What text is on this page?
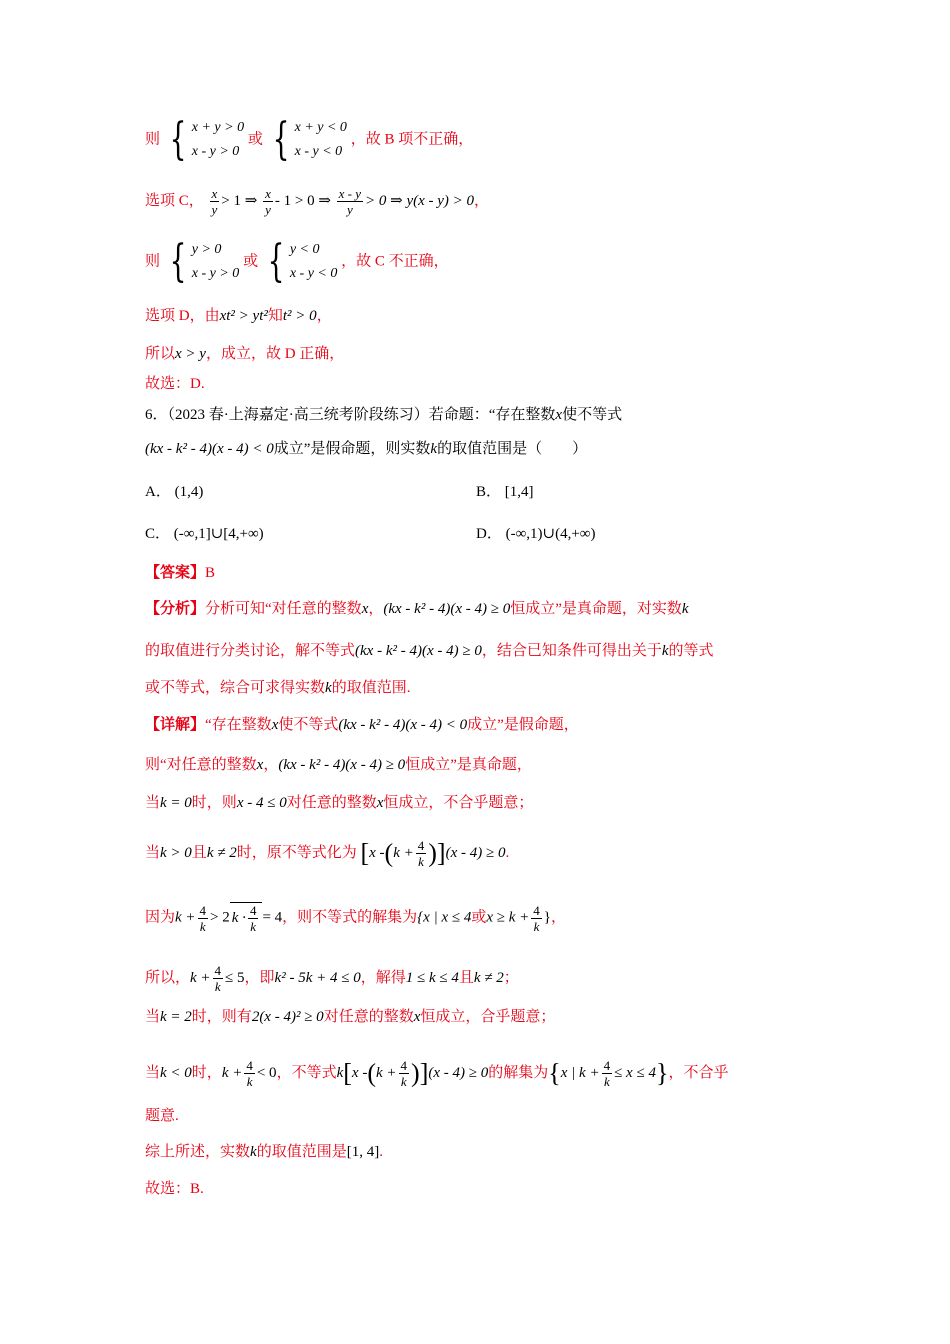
则 { x + y > 0
x - y > 0
或 { x + y < 0
x - y < 0
，故 B 项不正确，
选项 C， $\frac{x}{y} > 1$ ⇒ $\frac{x}{y} - 1 > 0$ ⇒ $\frac{x - y}{y} > 0$ ⇒ y(x - y) > 0，
则 { y > 0
x - y > 0
或 { y < 0
x - y < 0
，故 C 不正确，
选项 D，由xt² > yt²知t² > 0，
所以x > y，成立，故 D 正确，
故选：D.
6．（2023 春·上海嘉定·高三统考阶段练习）若命题：“存在整数x使不等式
(kx - k² - 4)(x - 4) < 0成立”是假命题，则实数k的取值范围是（　　）
A． (1,4)	B． [1,4]
C． (-∞,1]∪[4,+∞)	D． (-∞,1)∪(4,+∞)
【答案】B
【分析】分析可知“对任意的整数x，(kx - k² - 4)(x - 4) ≥ 0恒成立”是真命题，对实数k
的取值进行分类讨论，解不等式(kx - k² - 4)(x - 4) ≥ 0，结合已知条件可得出关于k的等式
或不等式，综合可求得实数k的取值范围.
【详解】“存在整数x使不等式(kx - k² - 4)(x - 4) < 0成立”是假命题，
则“对任意的整数x，(kx - k² - 4)(x - 4) ≥ 0恒成立”是真命题，
当k = 0时，则x - 4 ≤ 0对任意的整数x恒成立，不合乎题意；
当k > 0且k ≠ 2时，原不等式化为 [x $-(k + \frac{4}{k} )](x - 4) \ge 0$.
因为$k + \frac{4}{k} > 2$ $k \cdot \frac{4}{k} = 4$，则不等式的解集为{x | x ≤ 4或$x \ge k + \frac{4}{k}$ }，
所以，$k + \frac{4}{k} \le 5$，即k² - 5k + 4 ≤ 0，解得1 ≤ k ≤ 4且k ≠ 2；
当k = 2时，则有2(x - 4)² ≥ 0对任意的整数x恒成立，合乎题意；
当k < 0时，$k + \frac{4}{k} < 0$，不等式k[x $-(k + \frac{4}{k} )](x - 4) \ge 0$的解集为{x | $k + \frac{4}{k} \le x \le 4$}，不合乎
题意.
综上所述，实数k的取值范围是[1, 4].
故选：B.
